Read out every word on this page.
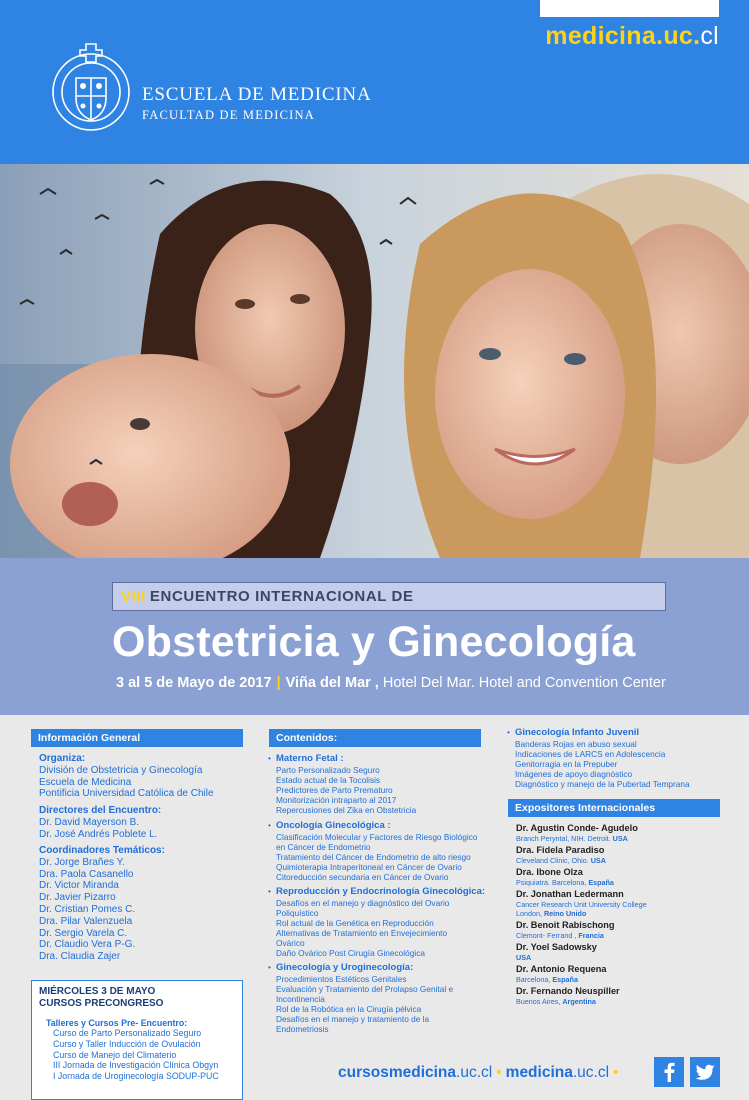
medicina.uc.cl
ESCUELA DE MEDICINA
FACULTAD DE MEDICINA
VIII ENCUENTRO INTERNACIONAL DE
Obstetricia y Ginecología
3 al 5 de Mayo de 2017 | Viña del Mar , Hotel Del Mar. Hotel and Convention Center
Información General
Organiza:
División de Obstetricia y Ginecología
Escuela de Medicina
Pontificia Universidad Católica de Chile
Directores del Encuentro:
Dr. David Mayerson B.
Dr. José Andrés Poblete L.
Coordinadores Temáticos:
Dr. Jorge Brañes Y.
Dra. Paola Casanello
Dr. Victor Miranda
Dr. Javier Pizarro
Dr. Cristian Pomes C.
Dra. Pilar Valenzuela
Dr. Sergio Varela C.
Dr. Claudio Vera P-G.
Dra. Claudia Zajer
MIÉRCOLES 3 DE MAYO
CURSOS PRECONGRESO
Talleres y Cursos Pre- Encuentro:
Curso de Parto Personalizado Seguro
Curso y Taller Inducción de Ovulación
Curso de Manejo del Climaterio
III Jornada de Investigación Clínica Obgyn
I Jornada de Uroginecología SODUP-PUC
Contenidos:
• Materno Fetal :
Parto Personalizado Seguro
Estado actual de la Tocolisis
Predictores de Parto Prematuro
Monitorización intraparto al 2017
Repercusiones del Zika en Obstetricia
• Oncología Ginecológica :
Clasificación Molecular y Factores de Riesgo Biológico
en Cáncer de Endometrio
Tratamiento del Cáncer de Endometrio de alto riesgo
Quimioterapia Intraperitoneal en Cáncer de Ovario
Citoreducción secundaria en Cáncer de Ovario
• Reproducción y Endocrinología Ginecológica:
Desafíos en el manejo y diagnóstico del Ovario
Poliquístico
Rol actual de la Genética en Reproducción
Alternativas de Tratamiento en Envejecimiento
Ovárico
Daño Ovárico Post Cirugía Ginecológica
• Ginecología y Uroginecología:
Procedimientos Estéticos Genitales
Evaluación y Tratamiento del Prolapso Genital e
Incontinencia
Rol de la Robótica en la Cirugía pélvica
Desafíos en el manejo y tratamiento de la
Endometriosis
• Ginecología Infanto Juvenil
Banderas Rojas en abuso sexual
Indicaciones de LARCS en Adolescencia
Genitorragia en la Prepuber
Imágenes de apoyo diagnóstico
Diagnóstico y manejo de la Pubertad Temprana
Expositores Internacionales
Dr. Agustin Conde- Agudelo
Branch Peryntal, NIH. Detroit. USA
Dra. Fidela Paradiso
Cleveland Clinic, Ohio. USA
Dra. Ibone Olza
Psiquiatra. Barcelona, España
Dr. Jonathan Ledermann
Cancer Research Unit University College
London, Reino Unido
Dr. Benoit Rabischong
Clemont- Ferrand , Francia
Dr. Yoel Sadowsky
USA
Dr. Antonio Requena
Barcelona, España
Dr. Fernando Neuspiller
Buenos Aires, Argentina
cursosmedicina.uc.cl • medicina.uc.cl •
